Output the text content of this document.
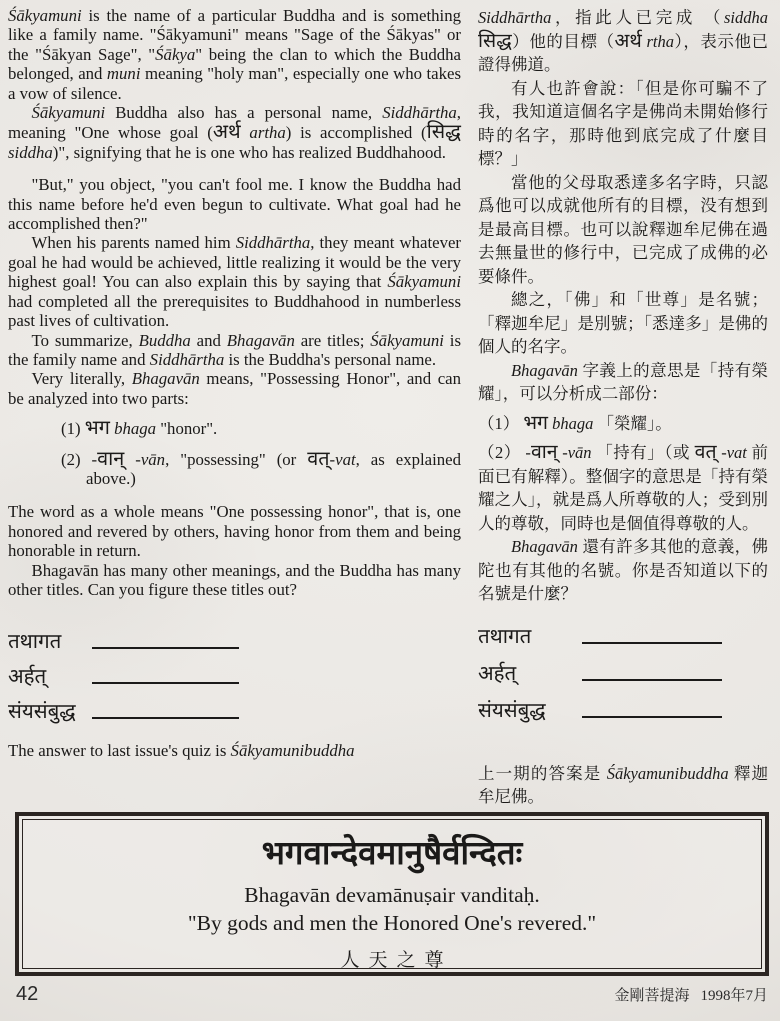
Śākyamuni is the name of a particular Buddha and is something like a family name. "Śākyamuni" means "Sage of the Śākyas" or the "Śākyan Sage", "Śākya" being the clan to which the Buddha belonged, and muni meaning "holy man", especially one who takes a vow of silence.
Śākyamuni Buddha also has a personal name, Siddhārtha, meaning "One whose goal (अर्थ artha) is accomplished (सिद्ध siddha)", signifying that he is one who has realized Buddhahood.
"But," you object, "you can't fool me. I know the Buddha had this name before he'd even begun to cultivate. What goal had he accomplished then?"
When his parents named him Siddhārtha, they meant whatever goal he had would be achieved, little realizing it would be the very highest goal! You can also explain this by saying that Śākyamuni had completed all the prerequisites to Buddhahood in numberless past lives of cultivation.
To summarize, Buddha and Bhagavān are titles; Śākyamuni is the family name and Siddhārtha is the Buddha's personal name.
Very literally, Bhagavān means, "Possessing Honor", and can be analyzed into two parts:
(1) भग bhaga "honor".
(2) -वान् -vān, "possessing" (or वत्-vat, as explained above.)
The word as a whole means "One possessing honor", that is, one honored and revered by others, having honor from them and being honorable in return.
Bhagavān has many other meanings, and the Buddha has many other titles. Can you figure these titles out?
तथागत
अर्हत्
संयसंबुद्ध
The answer to last issue's quiz is Śākyamunibuddha
Siddhārtha，指此人已完成 （siddha सिद्ध）他的目標（अर्थ rtha），表示他已證得佛道。
有人也許會說：「但是你可騙不了我，我知道這個名字是佛尚未開始修行時的名字，那時他到底完成了什麼目標？」
當他的父母取悉達多名字時，只認爲他可以成就他所有的目標，没有想到是最高目標。也可以說釋迦牟尼佛在過去無量世的修行中，已完成了成佛的必要條件。
總之，「佛」和「世尊」是名號；「釋迦牟尼」是別號；「悉達多」是佛的個人的名字。
Bhagavān 字義上的意思是「持有榮耀」，可以分析成二部份：
（1） भग bhaga 「榮耀」。
（2） -वान् -vān 「持有」（或 वत् -vat 前面已有解釋）。整個字的意思是「持有榮耀之人」，就是爲人所尊敬的人；受到別人的尊敬，同時也是個值得尊敬的人。
Bhagavān 還有許多其他的意義，佛陀也有其他的名號。你是否知道以下的名號是什麼？
तथागत
अर्हत्
संयसंबुद्ध
上一期的答案是 Śākyamunibuddha 釋迦牟尼佛。
भगवान्देवमानुषैर्वन्दितः
Bhagavān devamānuṣair vanditaḥ.
"By gods and men the Honored One's revered."
人天之尊
42	金剛菩提海 1998年7月
